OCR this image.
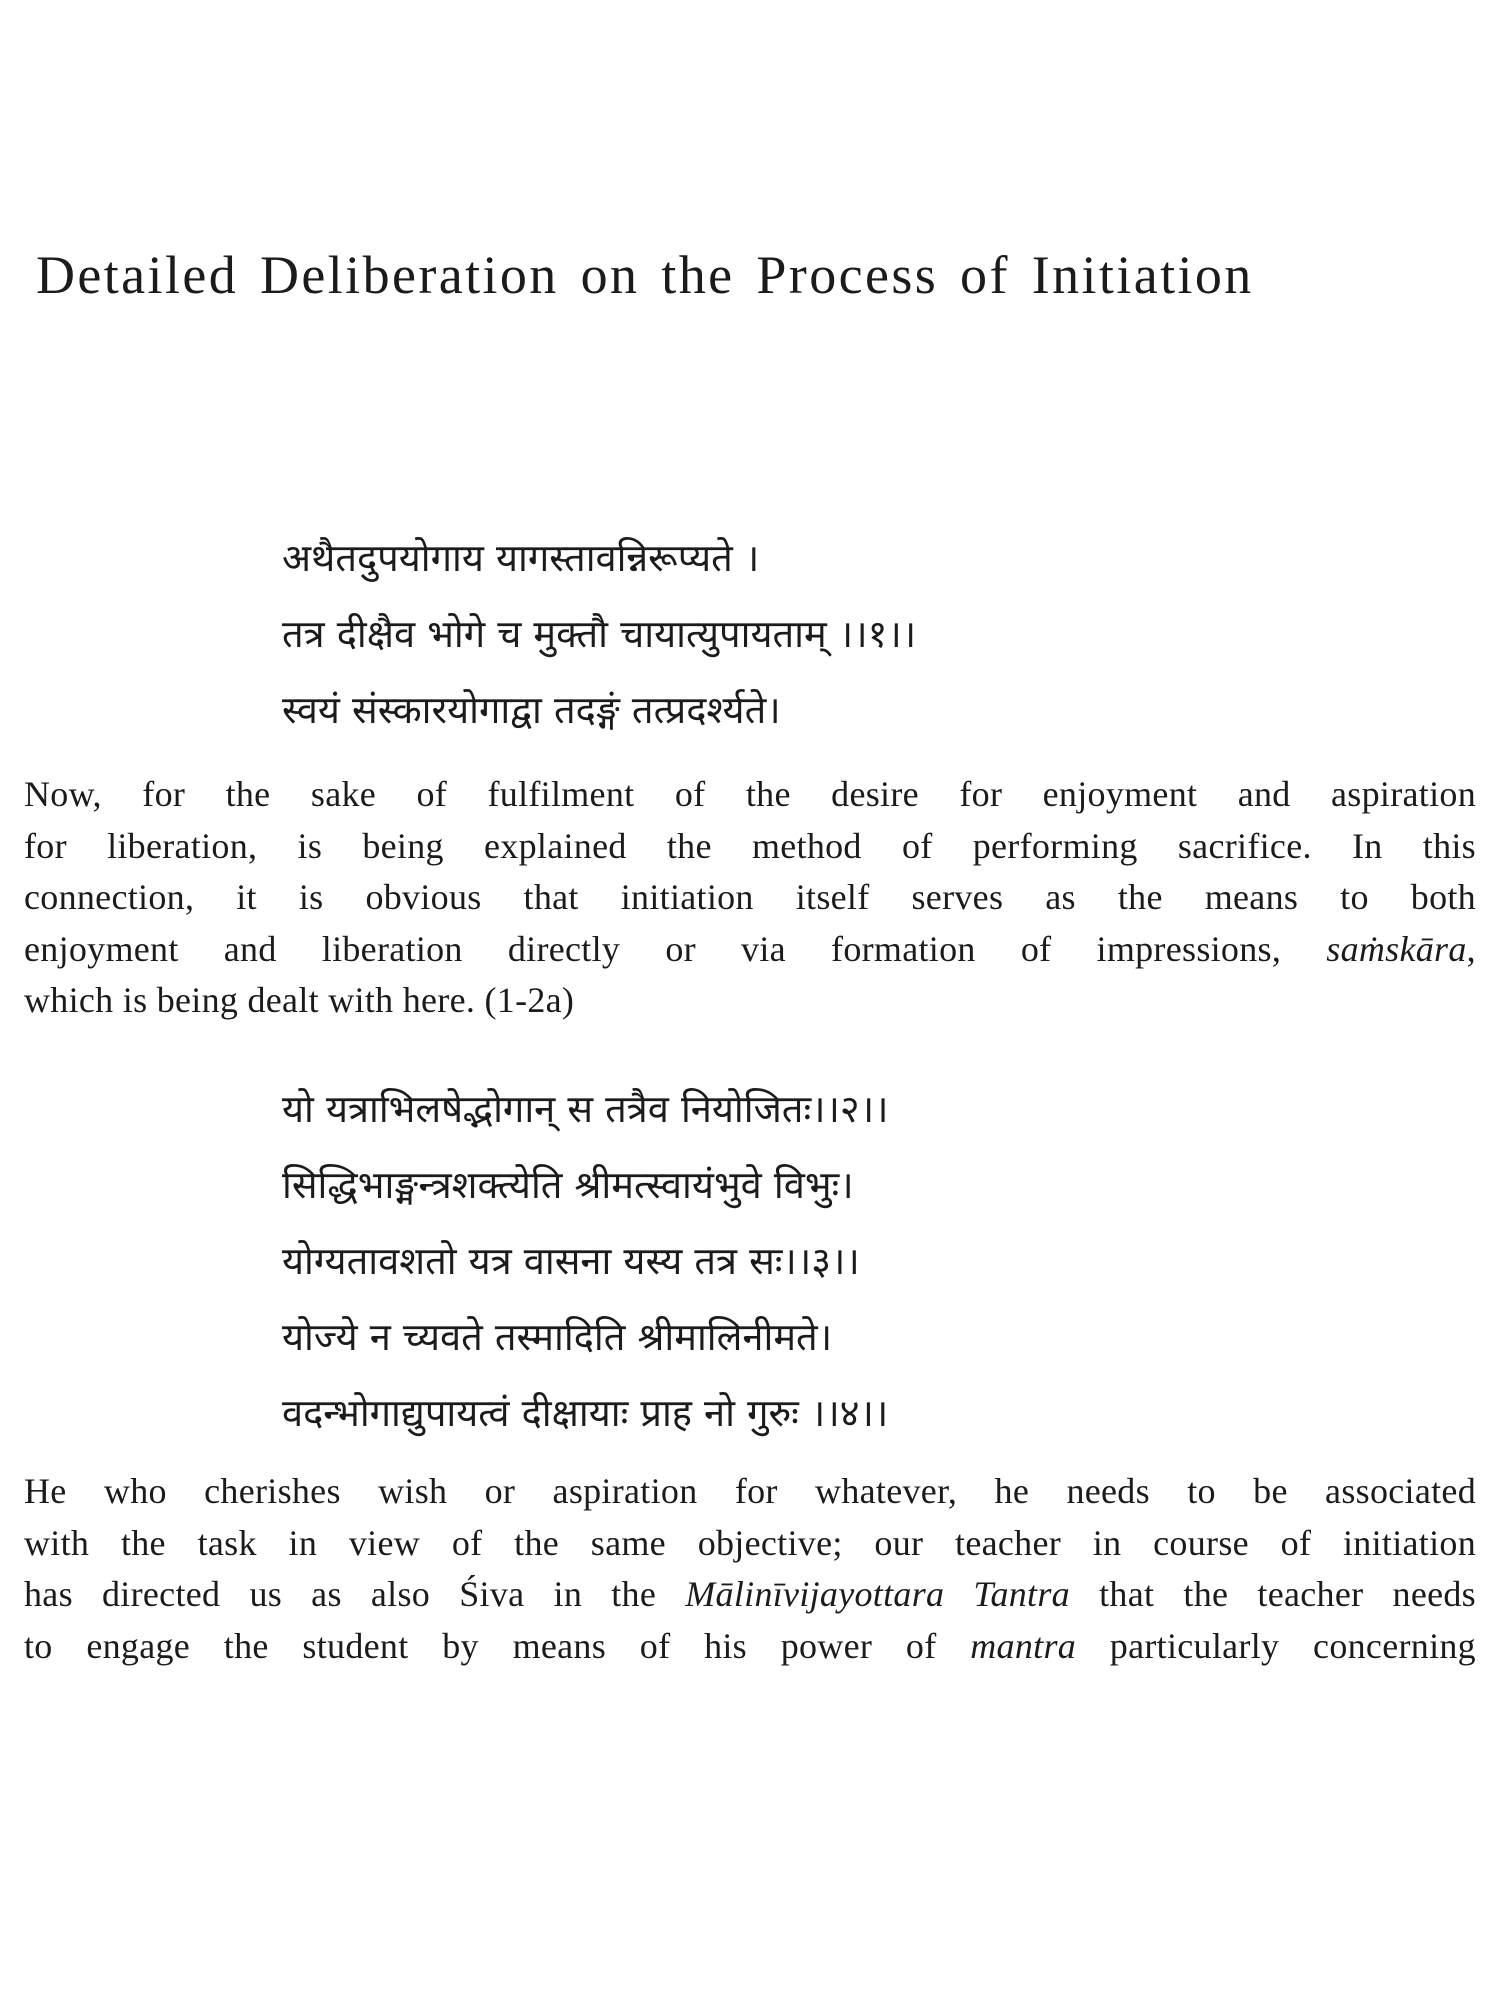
Detailed Deliberation on the Process of Initiation
अथैतदुपयोगाय यागस्तावन्निरूप्यते ।
तत्र दीक्षैव भोगे च मुक्तौ चायात्युपायताम् ।।१।।
स्वयं संस्कारयोगाद्वा तदङ्गं तत्प्रदर्श्यते।
Now, for the sake of fulfilment of the desire for enjoyment and aspiration
for liberation, is being explained the method of performing sacrifice. In this
connection, it is obvious that initiation itself serves as the means to both
enjoyment and liberation directly or via formation of impressions, saṁskāra,
which is being dealt with here. (1-2a)
यो यत्राभिलषेद्भोगान् स तत्रैव नियोजितः।।२।।
सिद्धिभाङ्मन्त्रशक्त्येति श्रीमत्स्वायंभुवे विभुः।
योग्यतावशतो यत्र वासना यस्य तत्र सः।।३।।
योज्ये न च्यवते तस्मादिति श्रीमालिनीमते।
वदन्भोगाद्युपायत्वं दीक्षायाः प्राह नो गुरुः ।।४।।
He who cherishes wish or aspiration for whatever, he needs to be associated
with the task in view of the same objective; our teacher in course of initiation
has directed us as also Śiva in the Mālinīvijayottara Tantra that the teacher needs
to engage the student by means of his power of mantra particularly concerning
